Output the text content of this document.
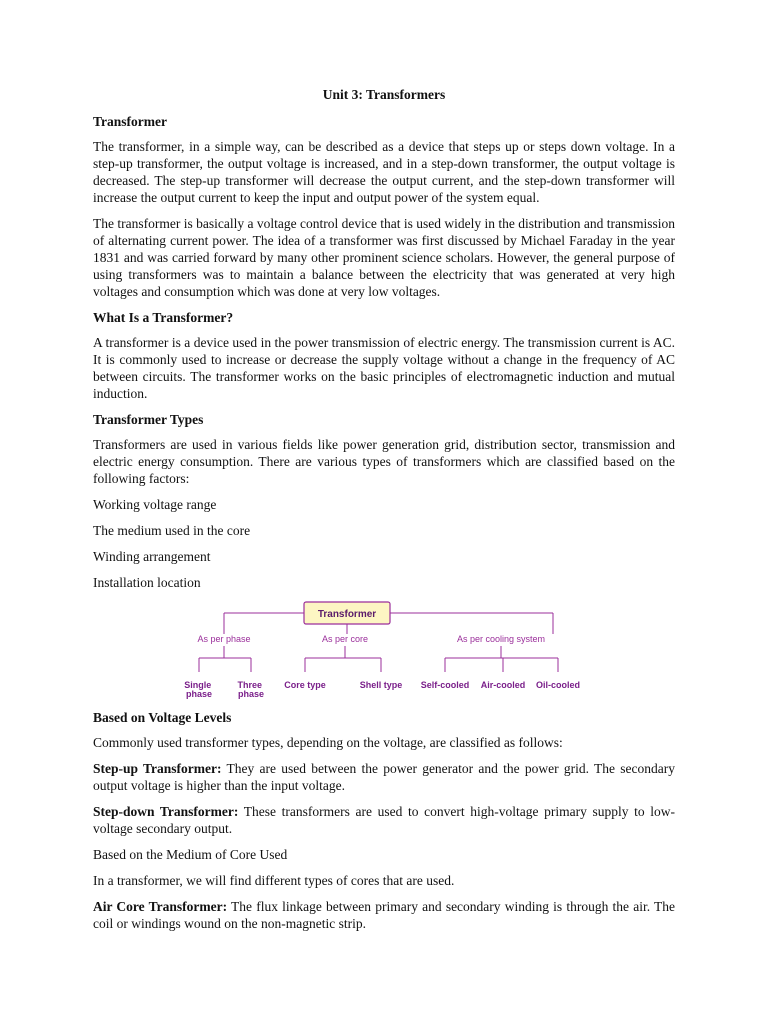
Unit 3: Transformers
Transformer

The transformer, in a simple way, can be described as a device that steps up or steps down voltage. In a step-up transformer, the output voltage is increased, and in a step-down transformer, the output voltage is decreased. The step-up transformer will decrease the output current, and the step-down transformer will increase the output current to keep the input and output power of the system equal.

The transformer is basically a voltage control device that is used widely in the distribution and transmission of alternating current power. The idea of a transformer was first discussed by Michael Faraday in the year 1831 and was carried forward by many other prominent science scholars. However, the general purpose of using transformers was to maintain a balance between the electricity that was generated at very high voltages and consumption which was done at very low voltages.

What Is a Transformer?

A transformer is a device used in the power transmission of electric energy. The transmission current is AC. It is commonly used to increase or decrease the supply voltage without a change in the frequency of AC between circuits. The transformer works on the basic principles of electromagnetic induction and mutual induction.

Transformer Types

Transformers are used in various fields like power generation grid, distribution sector, transmission and electric energy consumption. There are various types of transformers which are classified based on the following factors:

Working voltage range
The medium used in the core
Winding arrangement
Installation location
Transformer
As per phase	As per core	As per cooling system
Single phase
Three phase
Core type	Shell type Self-cooled Air-cooled Oil-cooled
Based on Voltage Levels

Commonly used transformer types, depending on the voltage, are classified as follows:

Step-up Transformer: They are used between the power generator and the power grid. The secondary output voltage is higher than the input voltage.

Step-down Transformer: These transformers are used to convert high-voltage primary supply to low-voltage secondary output.

Based on the Medium of Core Used

In a transformer, we will find different types of cores that are used.

Air Core Transformer: The flux linkage between primary and secondary winding is through the air. The coil or windings wound on the non-magnetic strip.
